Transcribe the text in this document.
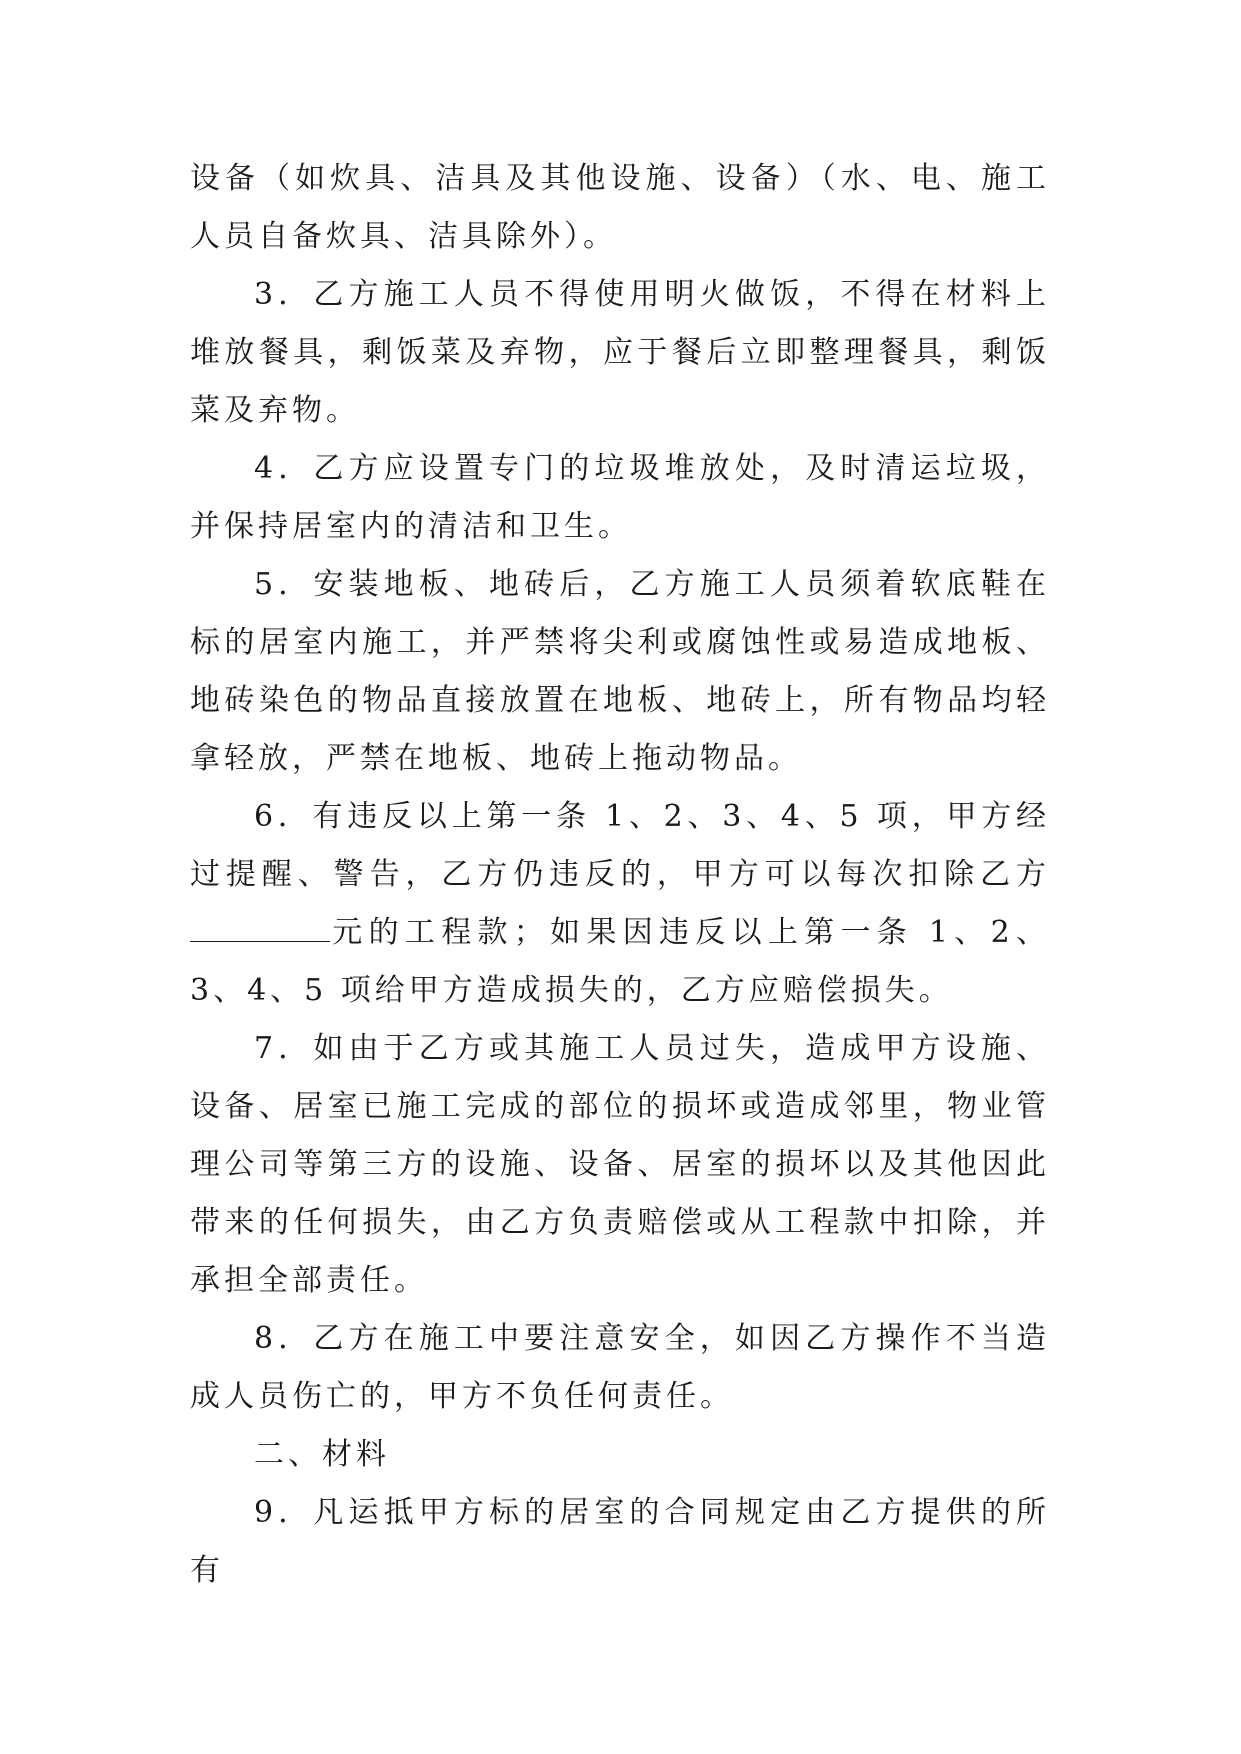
设备（如炊具、洁具及其他设施、设备）（水、电、施工人员自备炊具、洁具除外）。

3．乙方施工人员不得使用明火做饭，不得在材料上堆放餐具，剩饭菜及弃物，应于餐后立即整理餐具，剩饭菜及弃物。

4．乙方应设置专门的垃圾堆放处，及时清运垃圾，并保持居室内的清洁和卫生。

5．安装地板、地砖后，乙方施工人员须着软底鞋在标的居室内施工，并严禁将尖利或腐蚀性或易造成地板、地砖染色的物品直接放置在地板、地砖上，所有物品均轻拿轻放，严禁在地板、地砖上拖动物品。

6．有违反以上第一条 1、2、3、4、5 项，甲方经过提醒、警告，乙方仍违反的，甲方可以每次扣除乙方元的工程款；如果因违反以上第一条 1、2、3、4、5 项给甲方造成损失的，乙方应赔偿损失。

7．如由于乙方或其施工人员过失，造成甲方设施、设备、居室已施工完成的部位的损坏或造成邻里，物业管理公司等第三方的设施、设备、居室的损坏以及其他因此带来的任何损失，由乙方负责赔偿或从工程款中扣除，并承担全部责任。

8．乙方在施工中要注意安全，如因乙方操作不当造成人员伤亡的，甲方不负任何责任。

二、材料

9．凡运抵甲方标的居室的合同规定由乙方提供的所有
